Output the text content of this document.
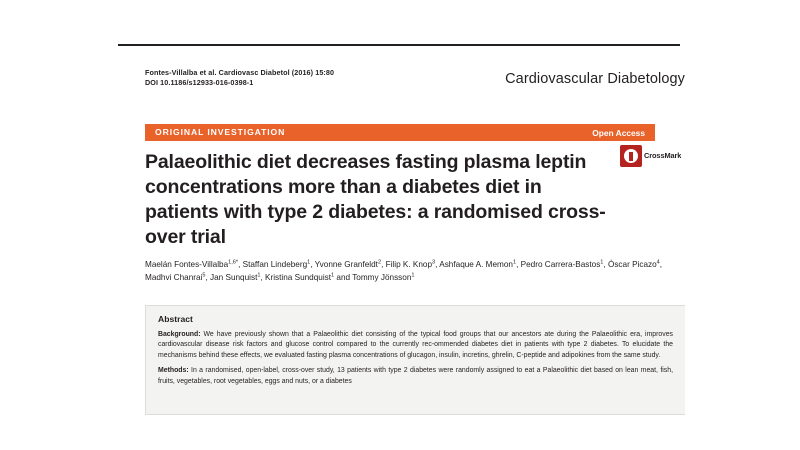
Fontes-Villalba et al. Cardiovasc Diabetol (2016) 15:80
DOI 10.1186/s12933-016-0398-1	Cardiovascular Diabetology
Open Access
ORIGINAL INVESTIGATION
CrossMark
Palaeolithic diet decreases fasting plasma leptin concentrations more than a diabetes diet in patients with type 2 diabetes: a randomised cross-over trial
Maelán Fontes-Villalba$^{1,6*}$, Staffan Lindeberg$^1$, Yvonne Granfeldt$^2$, Filip K. Knop$^3$, Ashfaque A. Memon$^1$, Pedro Carrera-Bastos$^1$, Óscar Picazo$^4$, Madhvi Chanrai$^5$, Jan Sunquist$^1$, Kristina Sundquist$^1$ and Tommy Jönsson$^1$
Abstract

Background: We have previously shown that a Palaeolithic diet consisting of the typical food groups that our ancestors ate during the Palaeolithic era, improves cardiovascular disease risk factors and glucose control compared to the currently rec-ommended diabetes diet in patients with type 2 diabetes. To elucidate the mechanisms behind these effects, we evaluated fasting plasma concentrations of glucagon, insulin, incretins, ghrelin, C-peptide and adipokines from the same study.

Methods: In a randomised, open-label, cross-over study, 13 patients with type 2 diabetes were randomly assigned to eat a Palaeolithic diet based on lean meat, fish, fruits, vegetables, root vegetables, eggs and nuts, or a diabetes
